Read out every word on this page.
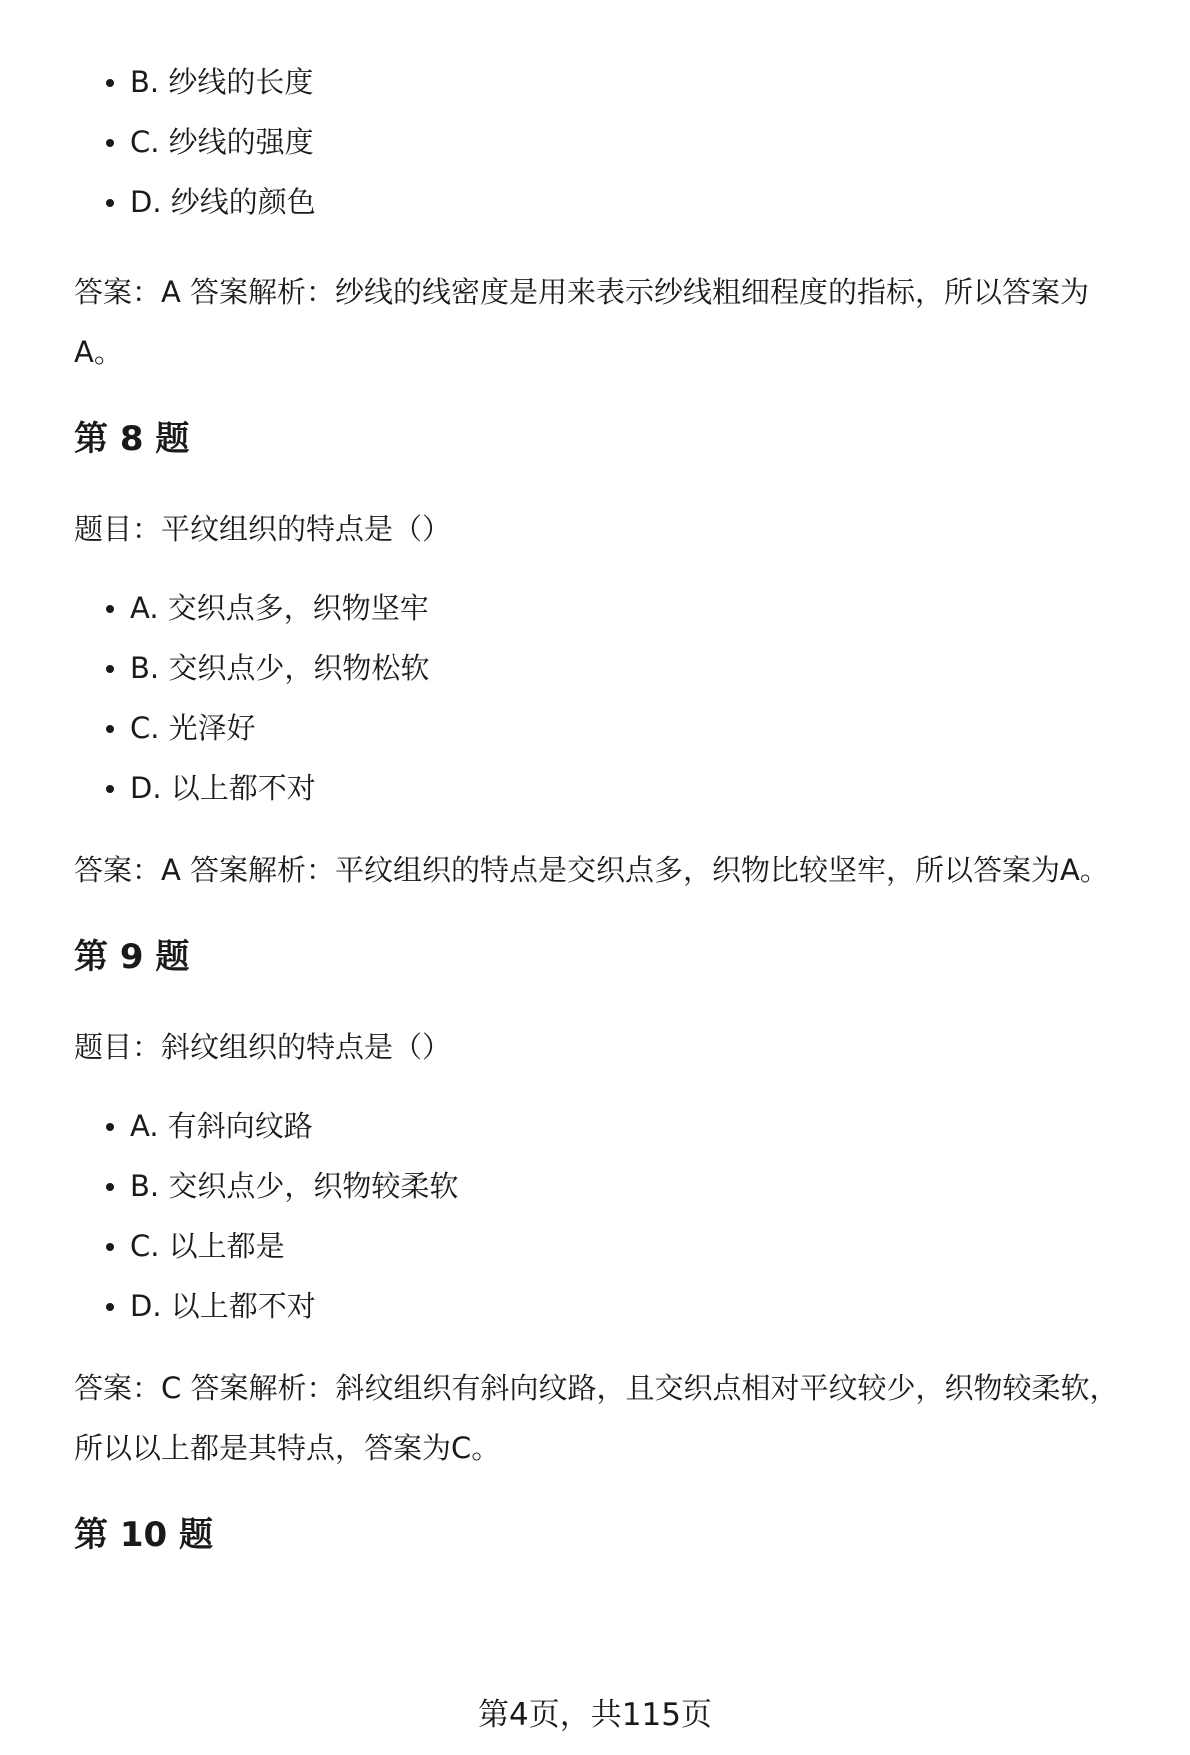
B. 纱线的长度
C. 纱线的强度
D. 纱线的颜色

答案：A 答案解析：纱线的线密度是用来表示纱线粗细程度的指标，所以答案为A。

第 8 题

题目：平纹组织的特点是（）

A. 交织点多，织物坚牢
B. 交织点少，织物松软
C. 光泽好
D. 以上都不对

答案：A 答案解析：平纹组织的特点是交织点多，织物比较坚牢，所以答案为A。

第 9 题

题目：斜纹组织的特点是（）

A. 有斜向纹路
B. 交织点少，织物较柔软
C. 以上都是
D. 以上都不对

答案：C 答案解析：斜纹组织有斜向纹路，且交织点相对平纹较少，织物较柔软，所以以上都是其特点，答案为C。

第 10 题

第4页，共115页
